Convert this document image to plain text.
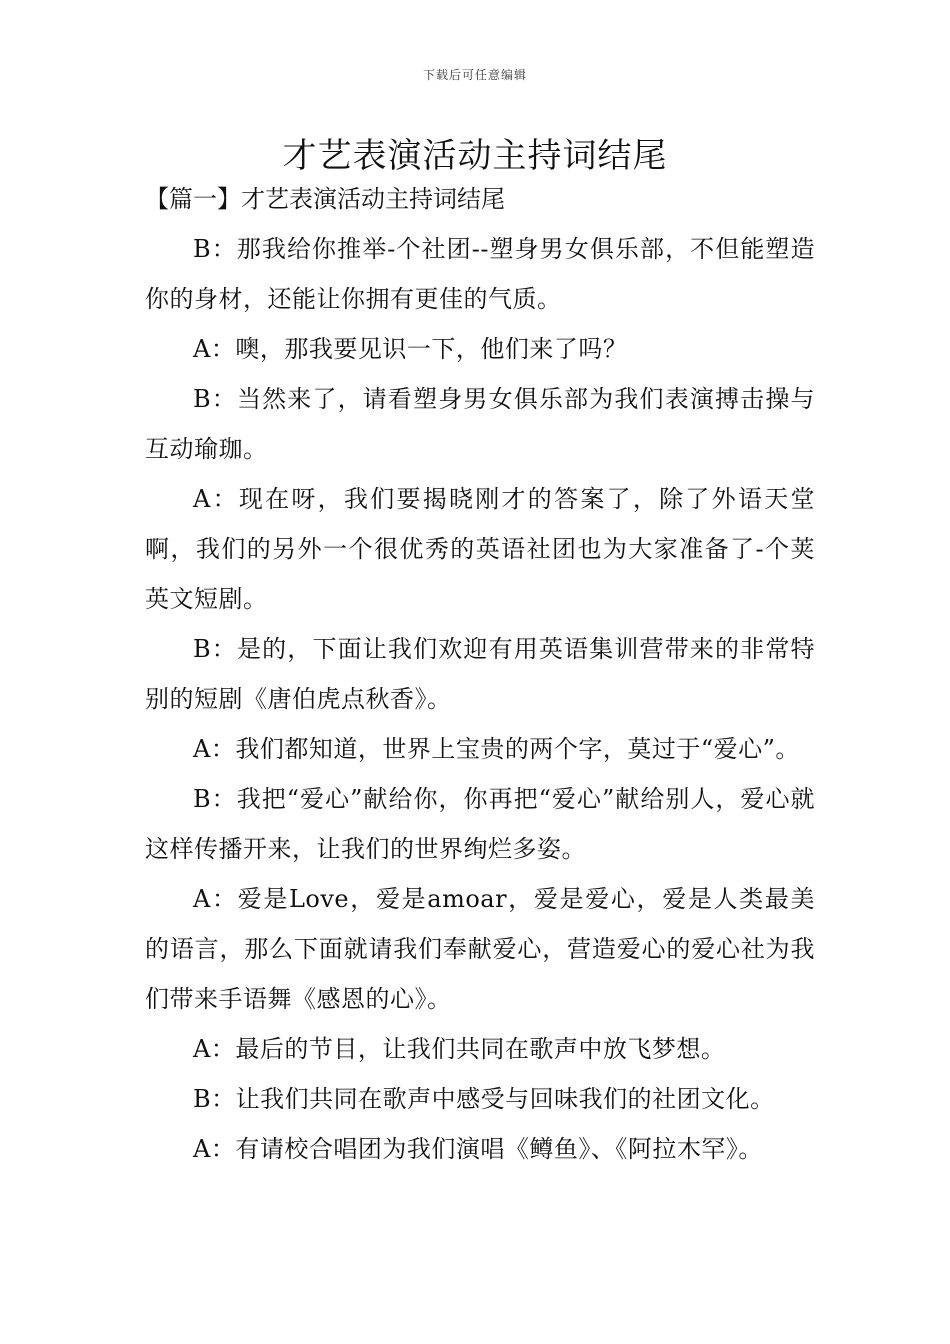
下载后可任意编辑
才艺表演活动主持词结尾
【篇一】才艺表演活动主持词结尾

B：那我给你推举-个社团--塑身男女俱乐部，不但能塑造你的身材，还能让你拥有更佳的气质。

A：噢，那我要见识一下，他们来了吗？

B：当然来了，请看塑身男女俱乐部为我们表演搏击操与互动瑜珈。

A：现在呀，我们要揭晓刚才的答案了，除了外语天堂啊，我们的另外一个很优秀的英语社团也为大家准备了-个荚英文短剧。

B：是的，下面让我们欢迎有用英语集训营带来的非常特别的短剧《唐伯虎点秋香》。

A：我们都知道，世界上宝贵的两个字，莫过于“爱心”。

B：我把“爱心”献给你，你再把“爱心”献给别人，爱心就这样传播开来，让我们的世界绚烂多姿。

A：爱是Love，爱是amoar，爱是爱心，爱是人类最美的语言，那么下面就请我们奉献爱心，营造爱心的爱心社为我们带来手语舞《感恩的心》。

A：最后的节目，让我们共同在歌声中放飞梦想。

B：让我们共同在歌声中感受与回味我们的社团文化。

A：有请校合唱团为我们演唱《鳟鱼》、《阿拉木罕》。
